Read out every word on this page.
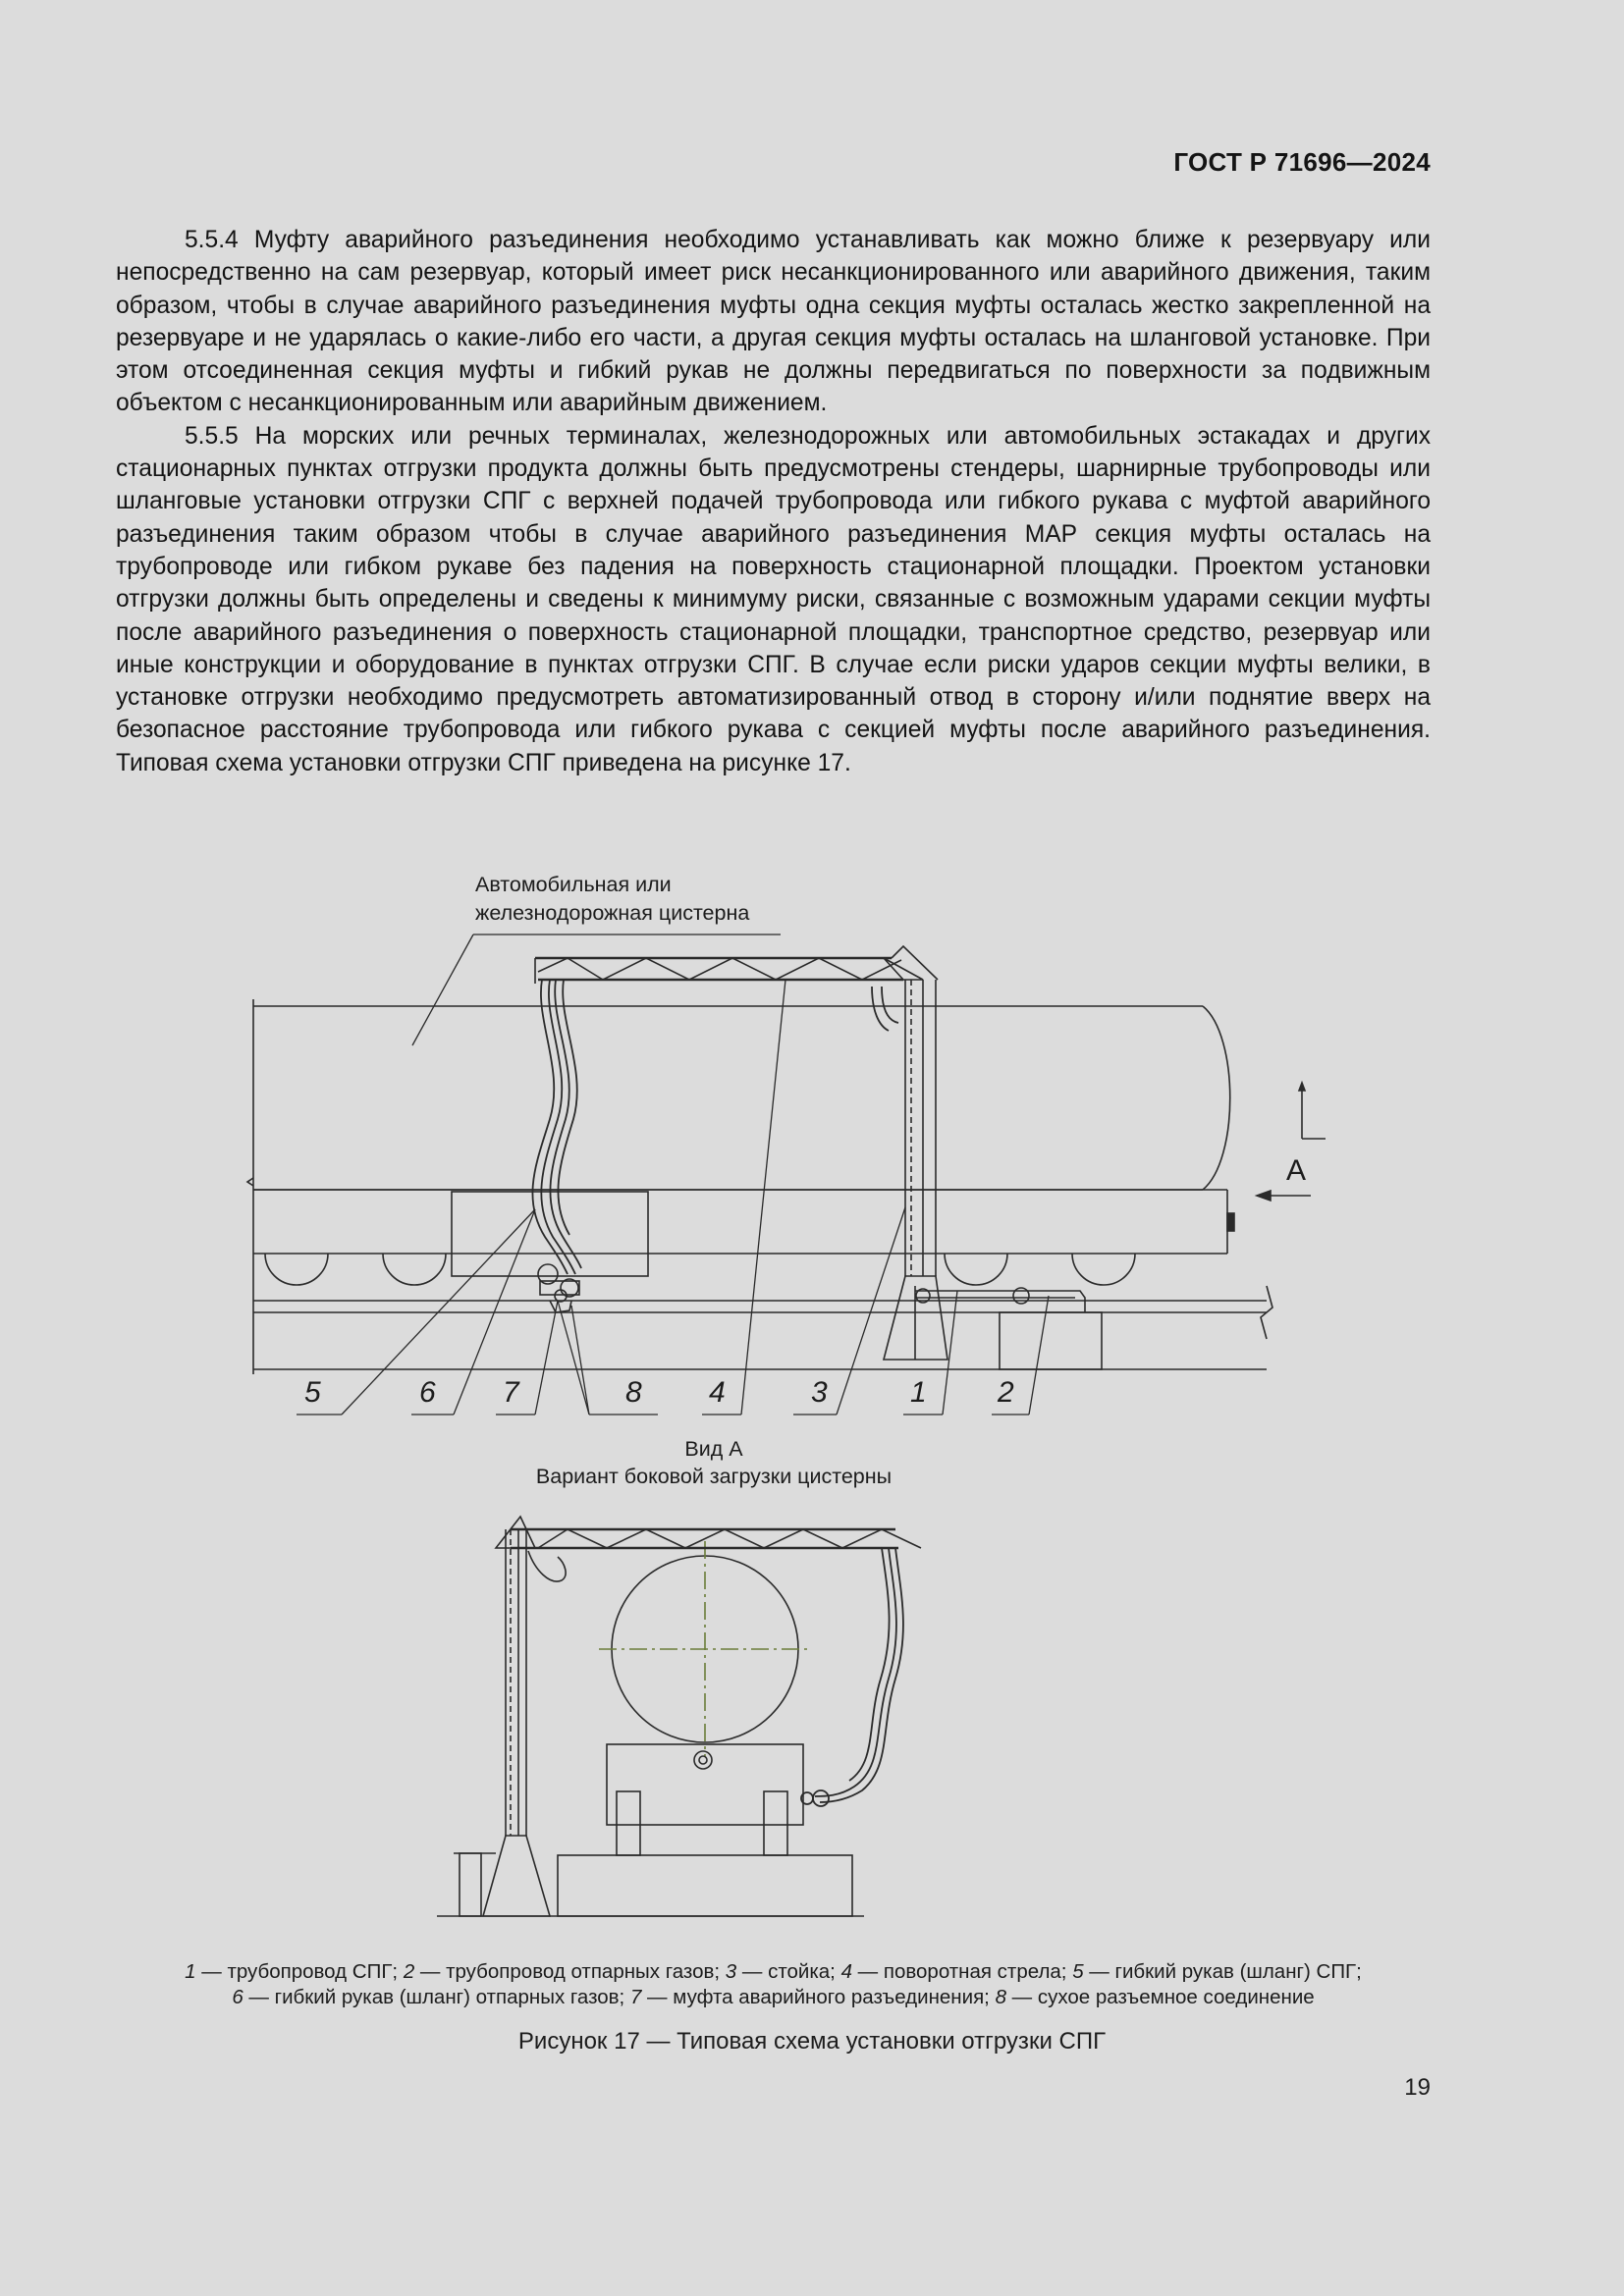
ГОСТ Р 71696—2024

5.5.4 Муфту аварийного разъединения необходимо устанавливать как можно ближе к резервуару или непосредственно на сам резервуар, который имеет риск несанкционированного или аварийного движения, таким образом, чтобы в случае аварийного разъединения муфты одна секция муфты осталась жестко закрепленной на резервуаре и не ударялась о какие-либо его части, а другая секция муфты осталась на шланговой установке. При этом отсоединенная секция муфты и гибкий рукав не должны передвигаться по поверхности за подвижным объектом с несанкционированным или аварийным движением.

5.5.5 На морских или речных терминалах, железнодорожных или автомобильных эстакадах и других стационарных пунктах отгрузки продукта должны быть предусмотрены стендеры, шарнирные трубопроводы или шланговые установки отгрузки СПГ с верхней подачей трубопровода или гибкого рукава с муфтой аварийного разъединения таким образом чтобы в случае аварийного разъединения МАР секция муфты осталась на трубопроводе или гибком рукаве без падения на поверхность стационарной площадки. Проектом установки отгрузки должны быть определены и сведены к минимуму риски, связанные с возможным ударами секции муфты после аварийного разъединения о поверхность стационарной площадки, транспортное средство, резервуар или иные конструкции и оборудование в пунктах отгрузки СПГ. В случае если риски ударов секции муфты велики, в установке отгрузки необходимо предусмотреть автоматизированный отвод в сторону и/или поднятие вверх на безопасное расстояние трубопровода или гибкого рукава с секцией муфты после аварийного разъединения. Типовая схема установки отгрузки СПГ приведена на рисунке 17.

Автомобильная или
железнодорожная цистерна
А
5	6 7	8 4	3	1 2
Вид А
Вариант боковой загрузки цистерны
1 — трубопровод СПГ; 2 — трубопровод отпарных газов; 3 — стойка; 4 — поворотная стрела; 5 — гибкий рукав (шланг) СПГ;
6 — гибкий рукав (шланг) отпарных газов; 7 — муфта аварийного разъединения; 8 — сухое разъемное соединение
Рисунок 17 — Типовая схема установки отгрузки СПГ
19
